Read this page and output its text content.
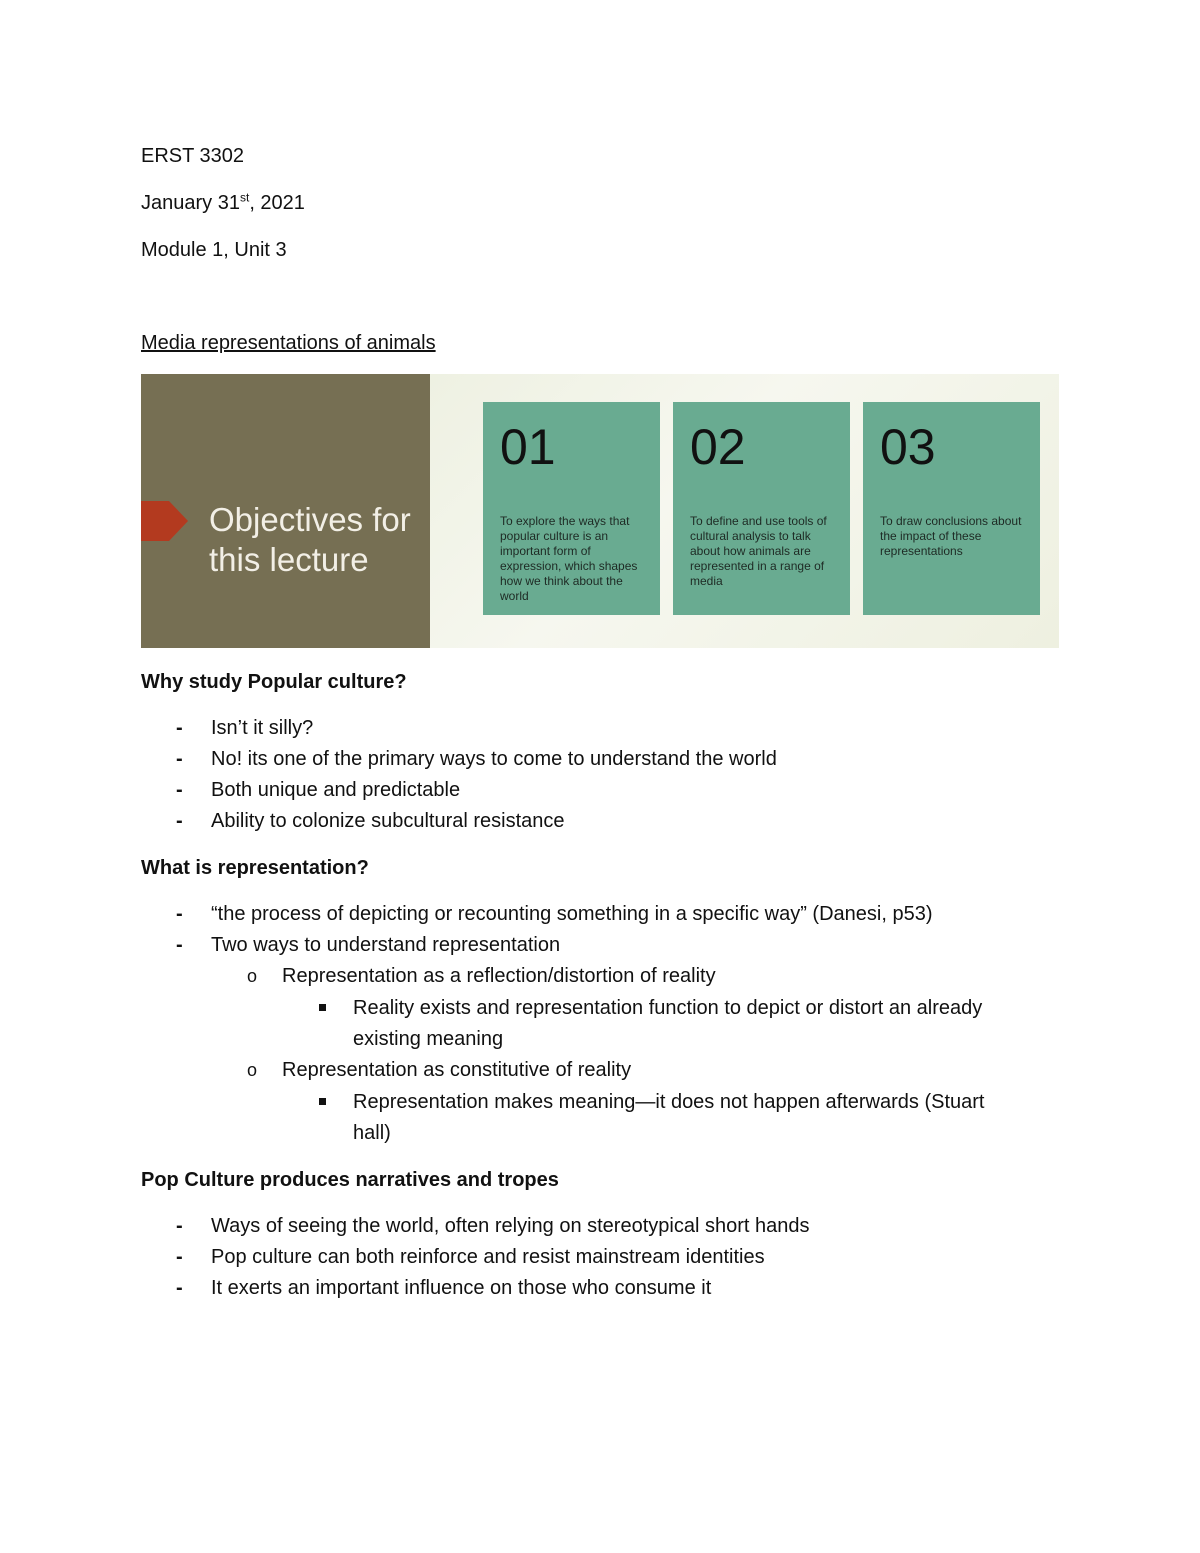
ERST 3302
January 31st, 2021
Module 1, Unit 3
Media representations of animals
Objectives for this lecture
01
To explore the ways that popular culture is an important form of expression, which shapes how we think about the world
02
To define and use tools of cultural analysis to talk about how animals are represented in a range of media
03
To draw conclusions about the impact of these representations
Why study Popular culture?
- Isn’t it silly?
- No! its one of the primary ways to come to understand the world
- Both unique and predictable
- Ability to colonize subcultural resistance
What is representation?
- “the process of depicting or recounting something in a specific way” (Danesi, p53)
- Two ways to understand representation
o Representation as a reflection/distortion of reality
Reality exists and representation function to depict or distort an already
existing meaning
o Representation as constitutive of reality
Representation makes meaning—it does not happen afterwards (Stuart
hall)
Pop Culture produces narratives and tropes
- Ways of seeing the world, often relying on stereotypical short hands
- Pop culture can both reinforce and resist mainstream identities
- It exerts an important influence on those who consume it
